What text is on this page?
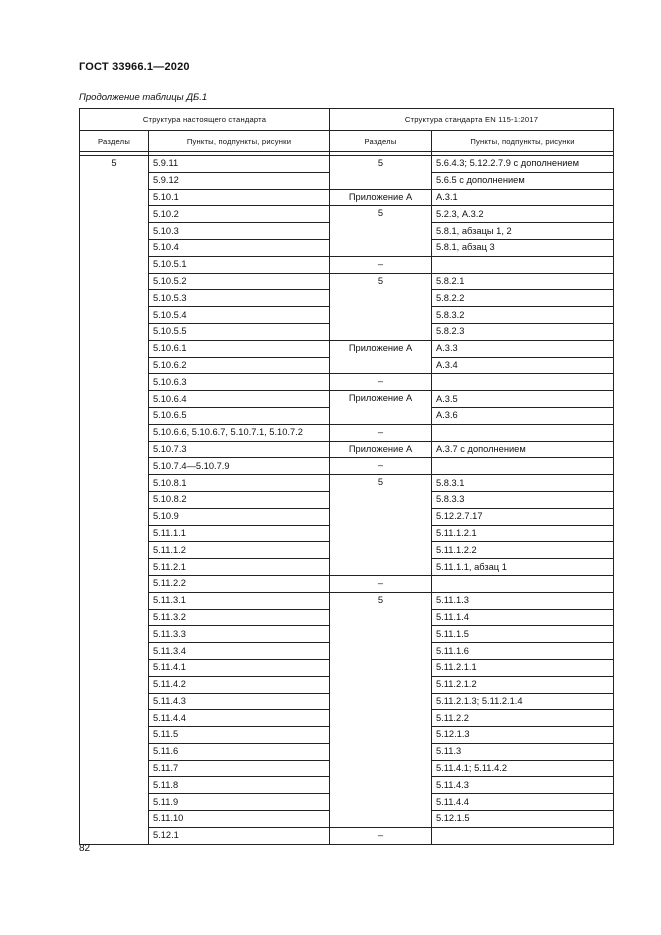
ГОСТ 33966.1—2020
Продолжение таблицы ДБ.1
Структура настоящего стандарта		Структура стандарта EN 115-1:2017	
Разделы	Пункты, подпункты, рисунки	Разделы	Пункты, подпункты, рисунки

5	5.9.11	5	5.6.4.3; 5.12.2.7.9 с дополнением
	5.9.12		5.6.5 с дополнением
	5.10.1	Приложение А	А.3.1
	5.10.2	5	5.2.3, А.3.2
	5.10.3		5.8.1, абзацы 1, 2
	5.10.4		5.8.1, абзац 3
	5.10.5.1	–	
	5.10.5.2	5	5.8.2.1
	5.10.5.3		5.8.2.2
	5.10.5.4		5.8.3.2
	5.10.5.5		5.8.2.3
	5.10.6.1	Приложение А	А.3.3
	5.10.6.2		А.3.4
	5.10.6.3	–	
	5.10.6.4	Приложение А	А.3.5
	5.10.6.5		А.3.6
	5.10.6.6, 5.10.6.7, 5.10.7.1, 5.10.7.2	–	
	5.10.7.3	Приложение А	А.3.7 с дополнением
	5.10.7.4—5.10.7.9	–	
	5.10.8.1	5	5.8.3.1
	5.10.8.2		5.8.3.3
	5.10.9		5.12.2.7.17
	5.11.1.1		5.11.1.2.1
	5.11.1.2		5.11.1.2.2
	5.11.2.1		5.11.1.1, абзац 1
	5.11.2.2	–	
	5.11.3.1	5	5.11.1.3
	5.11.3.2		5.11.1.4
	5.11.3.3		5.11.1.5
	5.11.3.4		5.11.1.6
	5.11.4.1		5.11.2.1.1
	5.11.4.2		5.11.2.1.2
	5.11.4.3		5.11.2.1.3; 5.11.2.1.4
	5.11.4.4		5.11.2.2
	5.11.5		5.12.1.3
	5.11.6		5.11.3
	5.11.7		5.11.4.1; 5.11.4.2
	5.11.8		5.11.4.3
	5.11.9		5.11.4.4
	5.11.10		5.12.1.5
	5.12.1	–	
82
